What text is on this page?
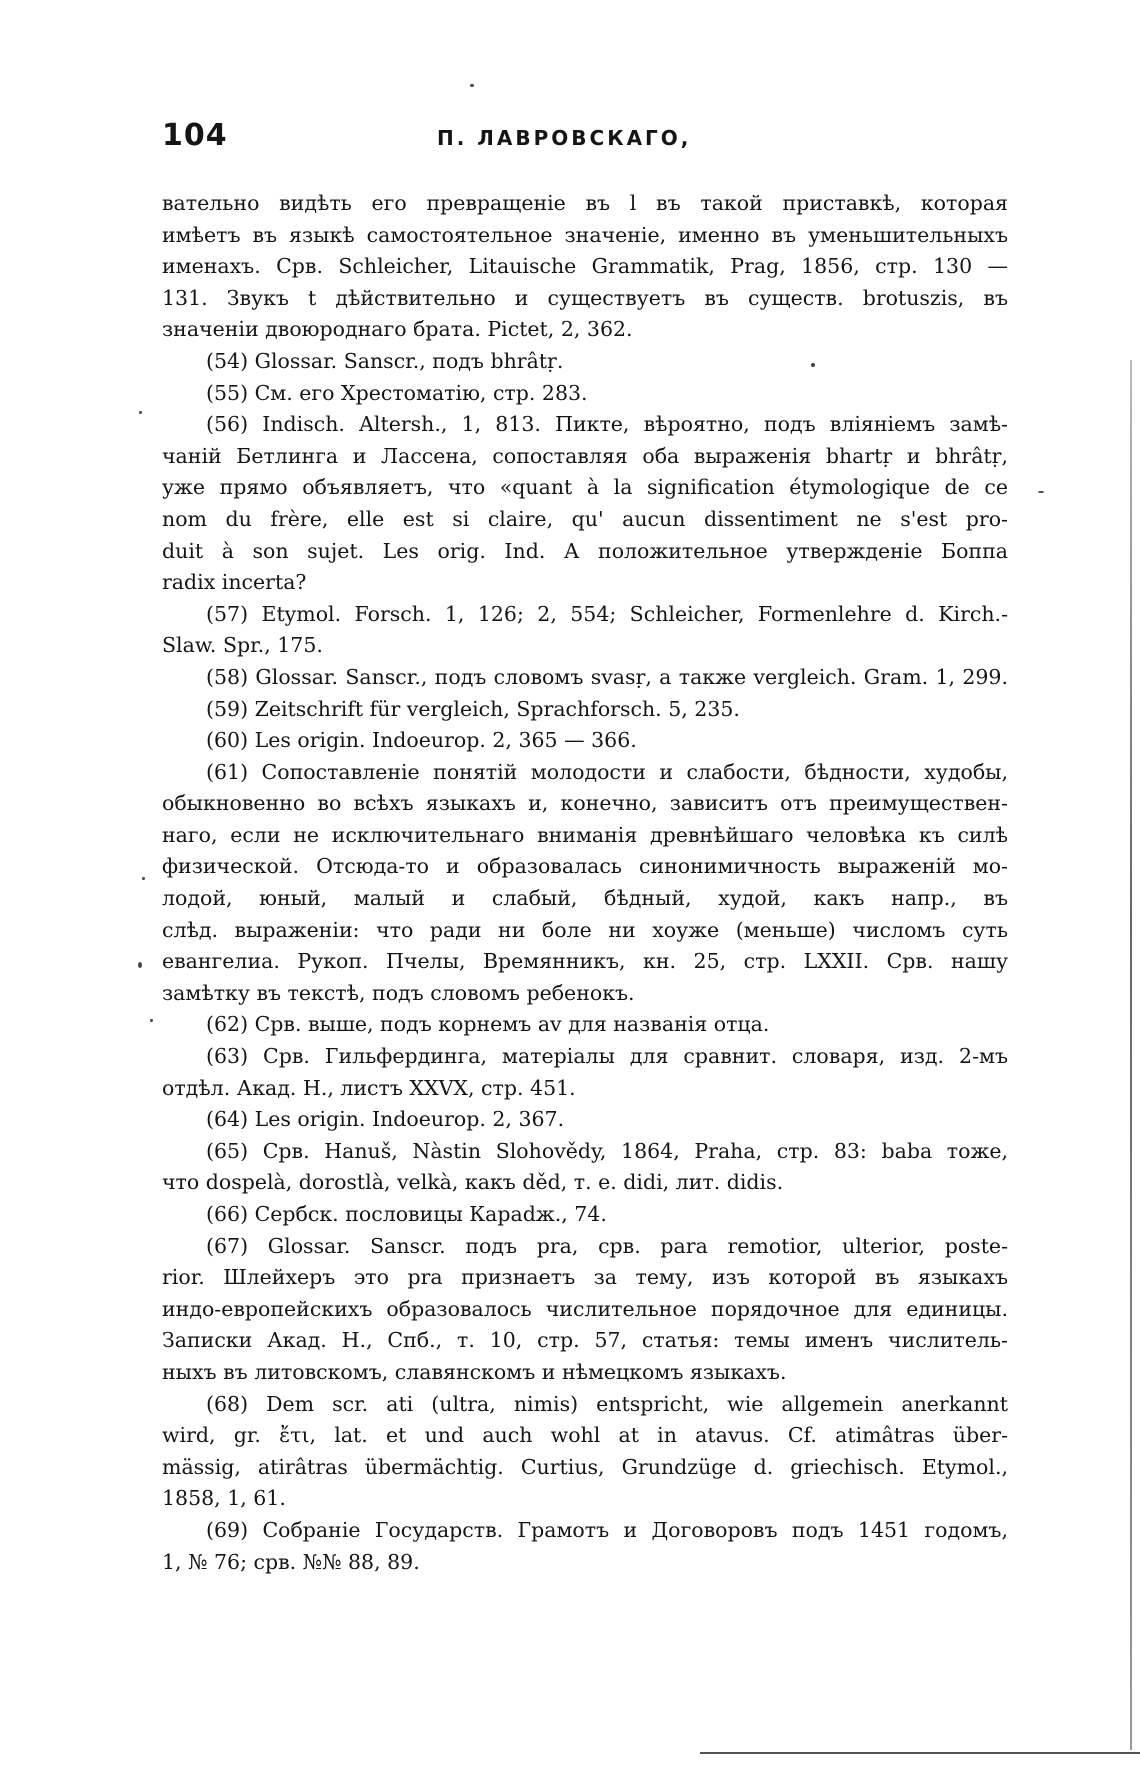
104	П. ЛАВРОВСКАГО,
вательно видѣть его превращеніе въ l въ такой приставкѣ, которая
имѣетъ въ языкѣ самостоятельное значеніе, именно въ уменьшительныхъ
именахъ. Срв. Schleicher, Litauische Grammatik, Prag, 1856, стр. 130 —
131. Звукъ t дѣйствительно и существуетъ въ существ. brotuszis, въ
значеніи двоюроднаго брата. Pictet, 2, 362.
(54) Glossar. Sanscr., подъ bhrâtṛ.
(55) См. его Хрестоматію, стр. 283.
(56) Indisch. Altersh., 1, 813. Пикте, вѣроятно, подъ вліяніемъ замѣ-
чаній Бетлинга и Лассена, сопоставляя оба выраженія bhartṛ и bhrâtṛ,
уже прямо объявляетъ, что «quant à la signification étymologique de ce
nom du frère, elle est si claire, qu' aucun dissentiment ne s'est pro-
duit à son sujet. Les orig. Ind. А положительное утвержденіе Боппа
radix incerta?
(57) Etymol. Forsch. 1, 126; 2, 554; Schleicher, Formenlehre d. Kirch.-
Slaw. Spr., 175.
(58) Glossar. Sanscr., подъ словомъ svasṛ, а также vergleich. Gram. 1, 299.
(59) Zeitschrift für vergleich, Sprachforsch. 5, 235.
(60) Les origin. Indoeurop. 2, 365 — 366.
(61) Сопоставленіе понятій молодости и слабости, бѣдности, худобы,
обыкновенно во всѣхъ языкахъ и, конечно, зависитъ отъ преимуществен-
наго, если не исключительнаго вниманія древнѣйшаго человѣка къ силѣ
физической. Отсюда-то и образовалась синонимичность выраженій мо-
лодой, юный, малый и слабый, бѣдный, худой, какъ напр., въ
слѣд. выраженіи: что ради ни боле ни хоуже (меньше) числомъ суть
евангелиа. Рукоп. Пчелы, Времянникъ, кн. 25, стр. LXXII. Срв. нашу
замѣтку въ текстѣ, подъ словомъ ребенокъ.
(62) Срв. выше, подъ корнемъ av для названія отца.
(63) Срв. Гильфердинга, матеріалы для сравнит. словаря, изд. 2-мъ
отдѣл. Акад. Н., листъ XXVX, стр. 451.
(64) Les origin. Indoeurop. 2, 367.
(65) Срв. Hanuš, Nàstin Slohovědy, 1864, Praha, стр. 83: baba тоже,
что dospelà, dorostlà, velkà, какъ děd, т. е. didi, лит. didis.
(66) Сербск. пословицы Караdж., 74.
(67) Glossar. Sanscr. подъ pra, срв. para remotior, ulterior, poste-
rior. Шлейхеръ это pra признаетъ за тему, изъ которой въ языкахъ
индо-европейскихъ образовалось числительное порядочное для единицы.
Записки Акад. Н., Спб., т. 10, стр. 57, статья: темы именъ числитель-
ныхъ въ литовскомъ, славянскомъ и нѣмецкомъ языкахъ.
(68) Dem scr. ati (ultra, nimis) entspricht, wie allgemein anerkannt
wird, gr. ἔτι, lat. et und auch wohl at in atavus. Cf. atimâtras über-
mässig, atirâtras übermächtig. Curtius, Grundzüge d. griechisch. Etymol.,
1858, 1, 61.
(69) Собраніе Государств. Грамотъ и Договоровъ подъ 1451 годомъ,
1, № 76; срв. №№ 88, 89.
